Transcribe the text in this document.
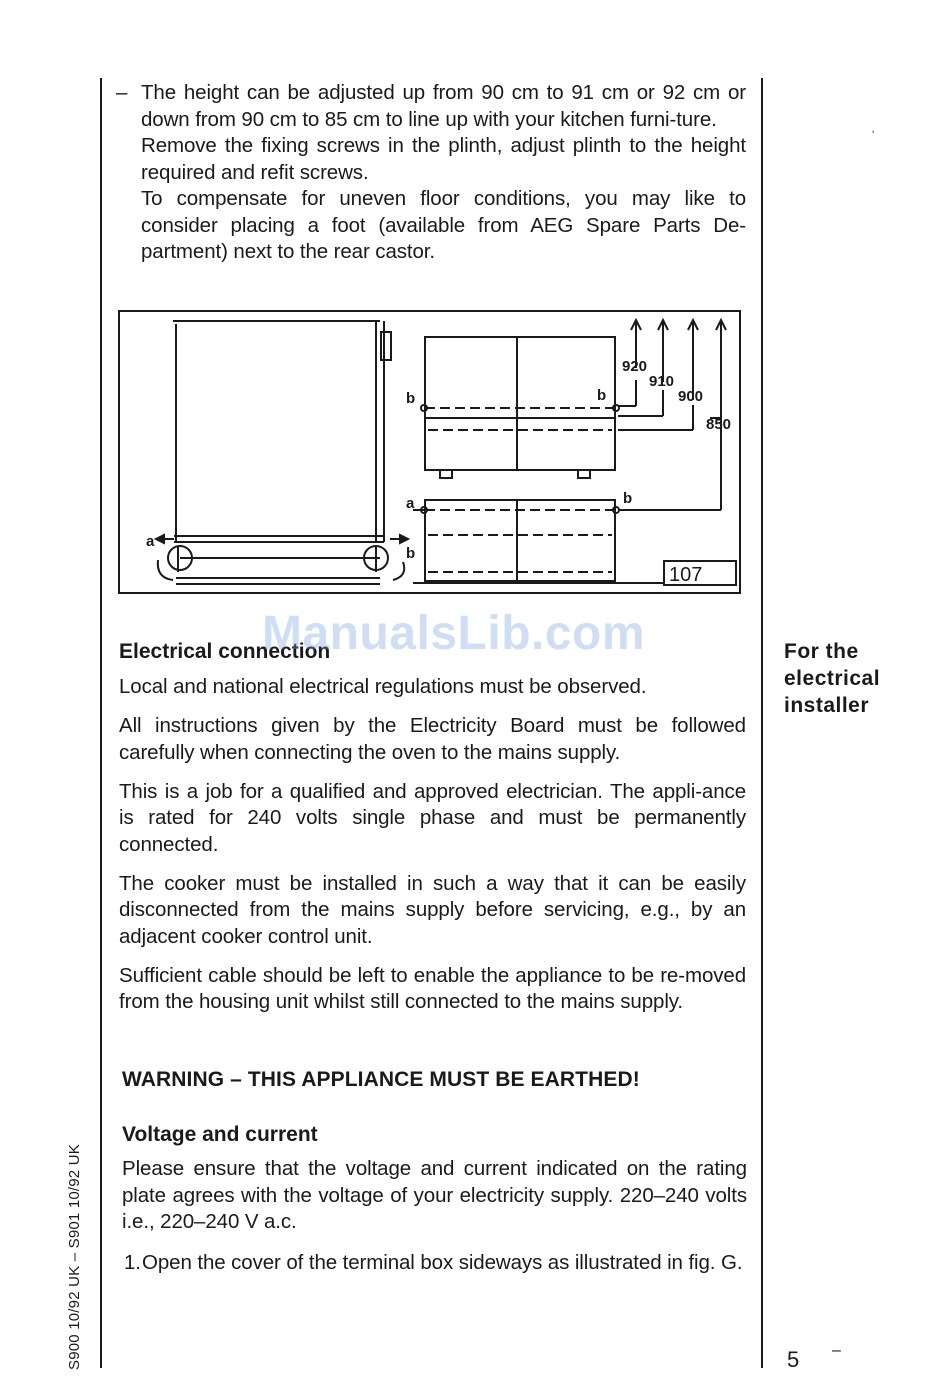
– The height can be adjusted up from 90 cm to 91 cm or 92 cm or down from 90 cm to 85 cm to line up with your kitchen furni-ture.

Remove the fixing screws in the plinth, adjust plinth to the height required and refit screws.

To compensate for uneven floor conditions, you may like to consider placing a foot (available from AEG Spare Parts De-partment) next to the rear castor.

a
b
b	b
a	b
920
910
900
850
107
Electrical connection
ManualsLib.com

Local and national electrical regulations must be observed.

All instructions given by the Electricity Board must be followed carefully when connecting the oven to the mains supply.

This is a job for a qualified and approved electrician. The appli-ance is rated for 240 volts single phase and must be permanently connected.

The cooker must be installed in such a way that it can be easily disconnected from the mains supply before servicing, e.g., by an adjacent cooker control unit.

Sufficient cable should be left to enable the appliance to be re-moved from the housing unit whilst still connected to the mains supply.

WARNING – THIS APPLIANCE MUST BE EARTHED!
Voltage and current

Please ensure that the voltage and current indicated on the rating plate agrees with the voltage of your electricity supply. 220–240 volts i.e., 220–240 V a.c.

1. Open the cover of the terminal box sideways as illustrated in fig. G.
For the
electrical
installer
'
5 –
S900 10/92 UK – S901 10/92 UK
